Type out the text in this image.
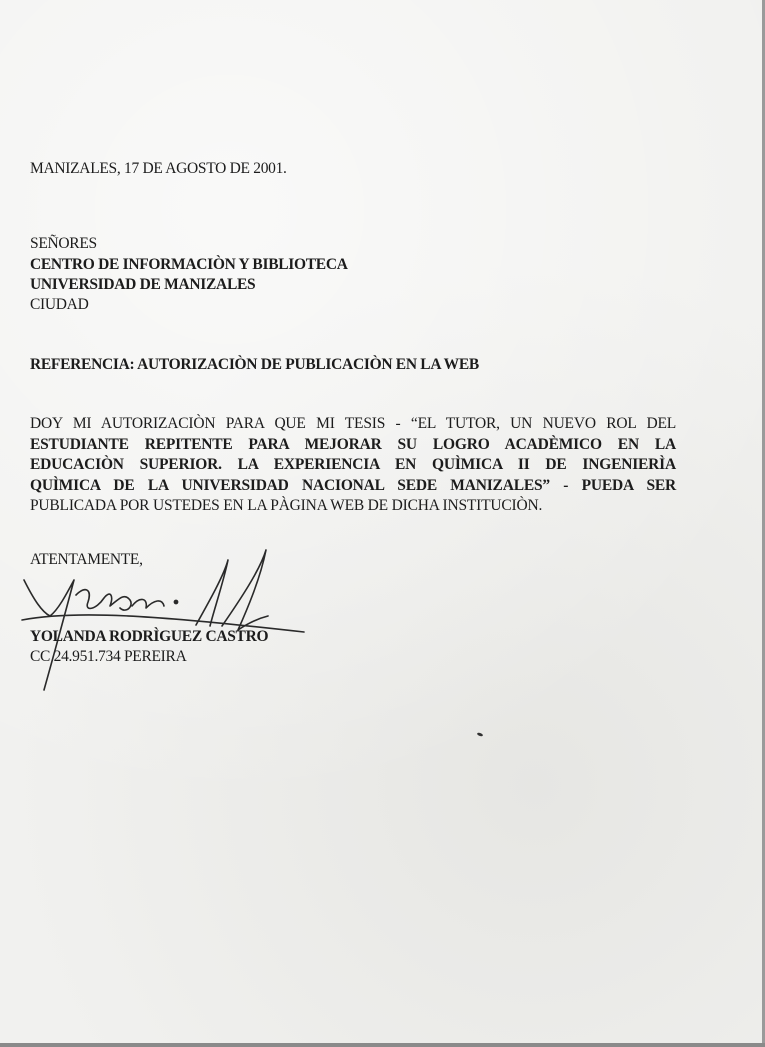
MANIZALES, 17 DE AGOSTO DE 2001.
SEÑORES
CENTRO DE INFORMACIÒN Y BIBLIOTECA
UNIVERSIDAD DE MANIZALES
CIUDAD
REFERENCIA: AUTORIZACIÒN DE PUBLICACIÒN EN LA WEB
DOY MI AUTORIZACIÒN PARA QUE MI TESIS - “EL TUTOR, UN NUEVO ROL DEL
ESTUDIANTE REPITENTE PARA MEJORAR SU LOGRO ACADÈMICO EN LA
EDUCACIÒN SUPERIOR. LA EXPERIENCIA EN QUÌMICA II DE INGENIERÌA
QUÌMICA DE LA UNIVERSIDAD NACIONAL SEDE MANIZALES” - PUEDA SER
PUBLICADA POR USTEDES EN LA PÀGINA WEB DE DICHA INSTITUCIÒN.
ATENTAMENTE,
YOLANDA RODRÌGUEZ CASTRO
CC 24.951.734 PEREIRA
